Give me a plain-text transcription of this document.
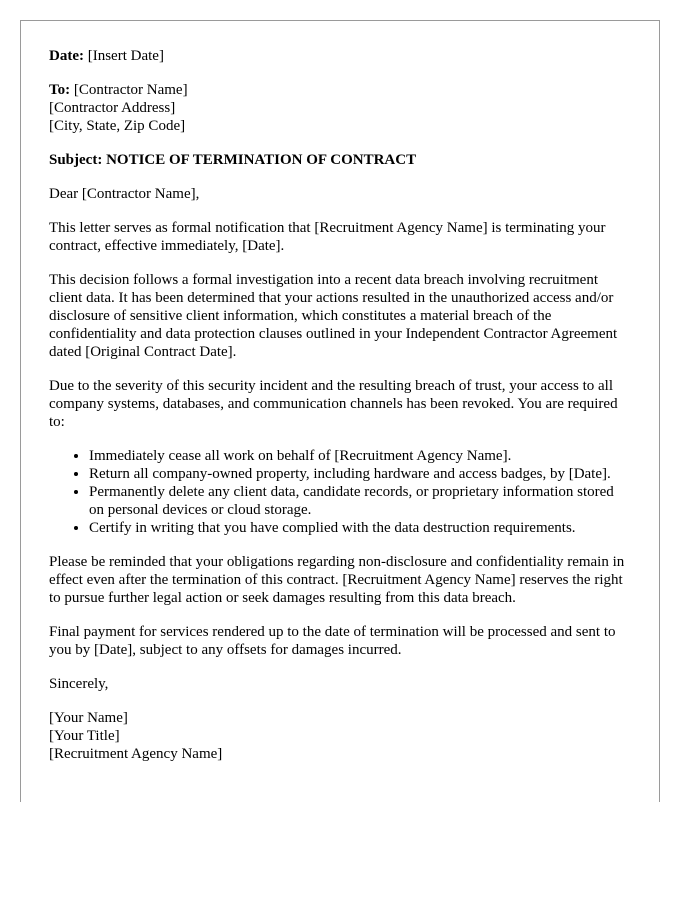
Date: [Insert Date]

To: [Contractor Name]
[Contractor Address]
[City, State, Zip Code]

Subject: NOTICE OF TERMINATION OF CONTRACT

Dear [Contractor Name],

This letter serves as formal notification that [Recruitment Agency Name] is terminating your contract, effective immediately, [Date].

This decision follows a formal investigation into a recent data breach involving recruitment client data. It has been determined that your actions resulted in the unauthorized access and/or disclosure of sensitive client information, which constitutes a material breach of the confidentiality and data protection clauses outlined in your Independent Contractor Agreement dated [Original Contract Date].

Due to the severity of this security incident and the resulting breach of trust, your access to all company systems, databases, and communication channels has been revoked. You are required to:

• Immediately cease all work on behalf of [Recruitment Agency Name].
• Return all company-owned property, including hardware and access badges, by [Date].
• Permanently delete any client data, candidate records, or proprietary information stored on personal devices or cloud storage.
• Certify in writing that you have complied with the data destruction requirements.

Please be reminded that your obligations regarding non-disclosure and confidentiality remain in effect even after the termination of this contract. [Recruitment Agency Name] reserves the right to pursue further legal action or seek damages resulting from this data breach.

Final payment for services rendered up to the date of termination will be processed and sent to you by [Date], subject to any offsets for damages incurred.

Sincerely,

[Your Name]
[Your Title]
[Recruitment Agency Name]
